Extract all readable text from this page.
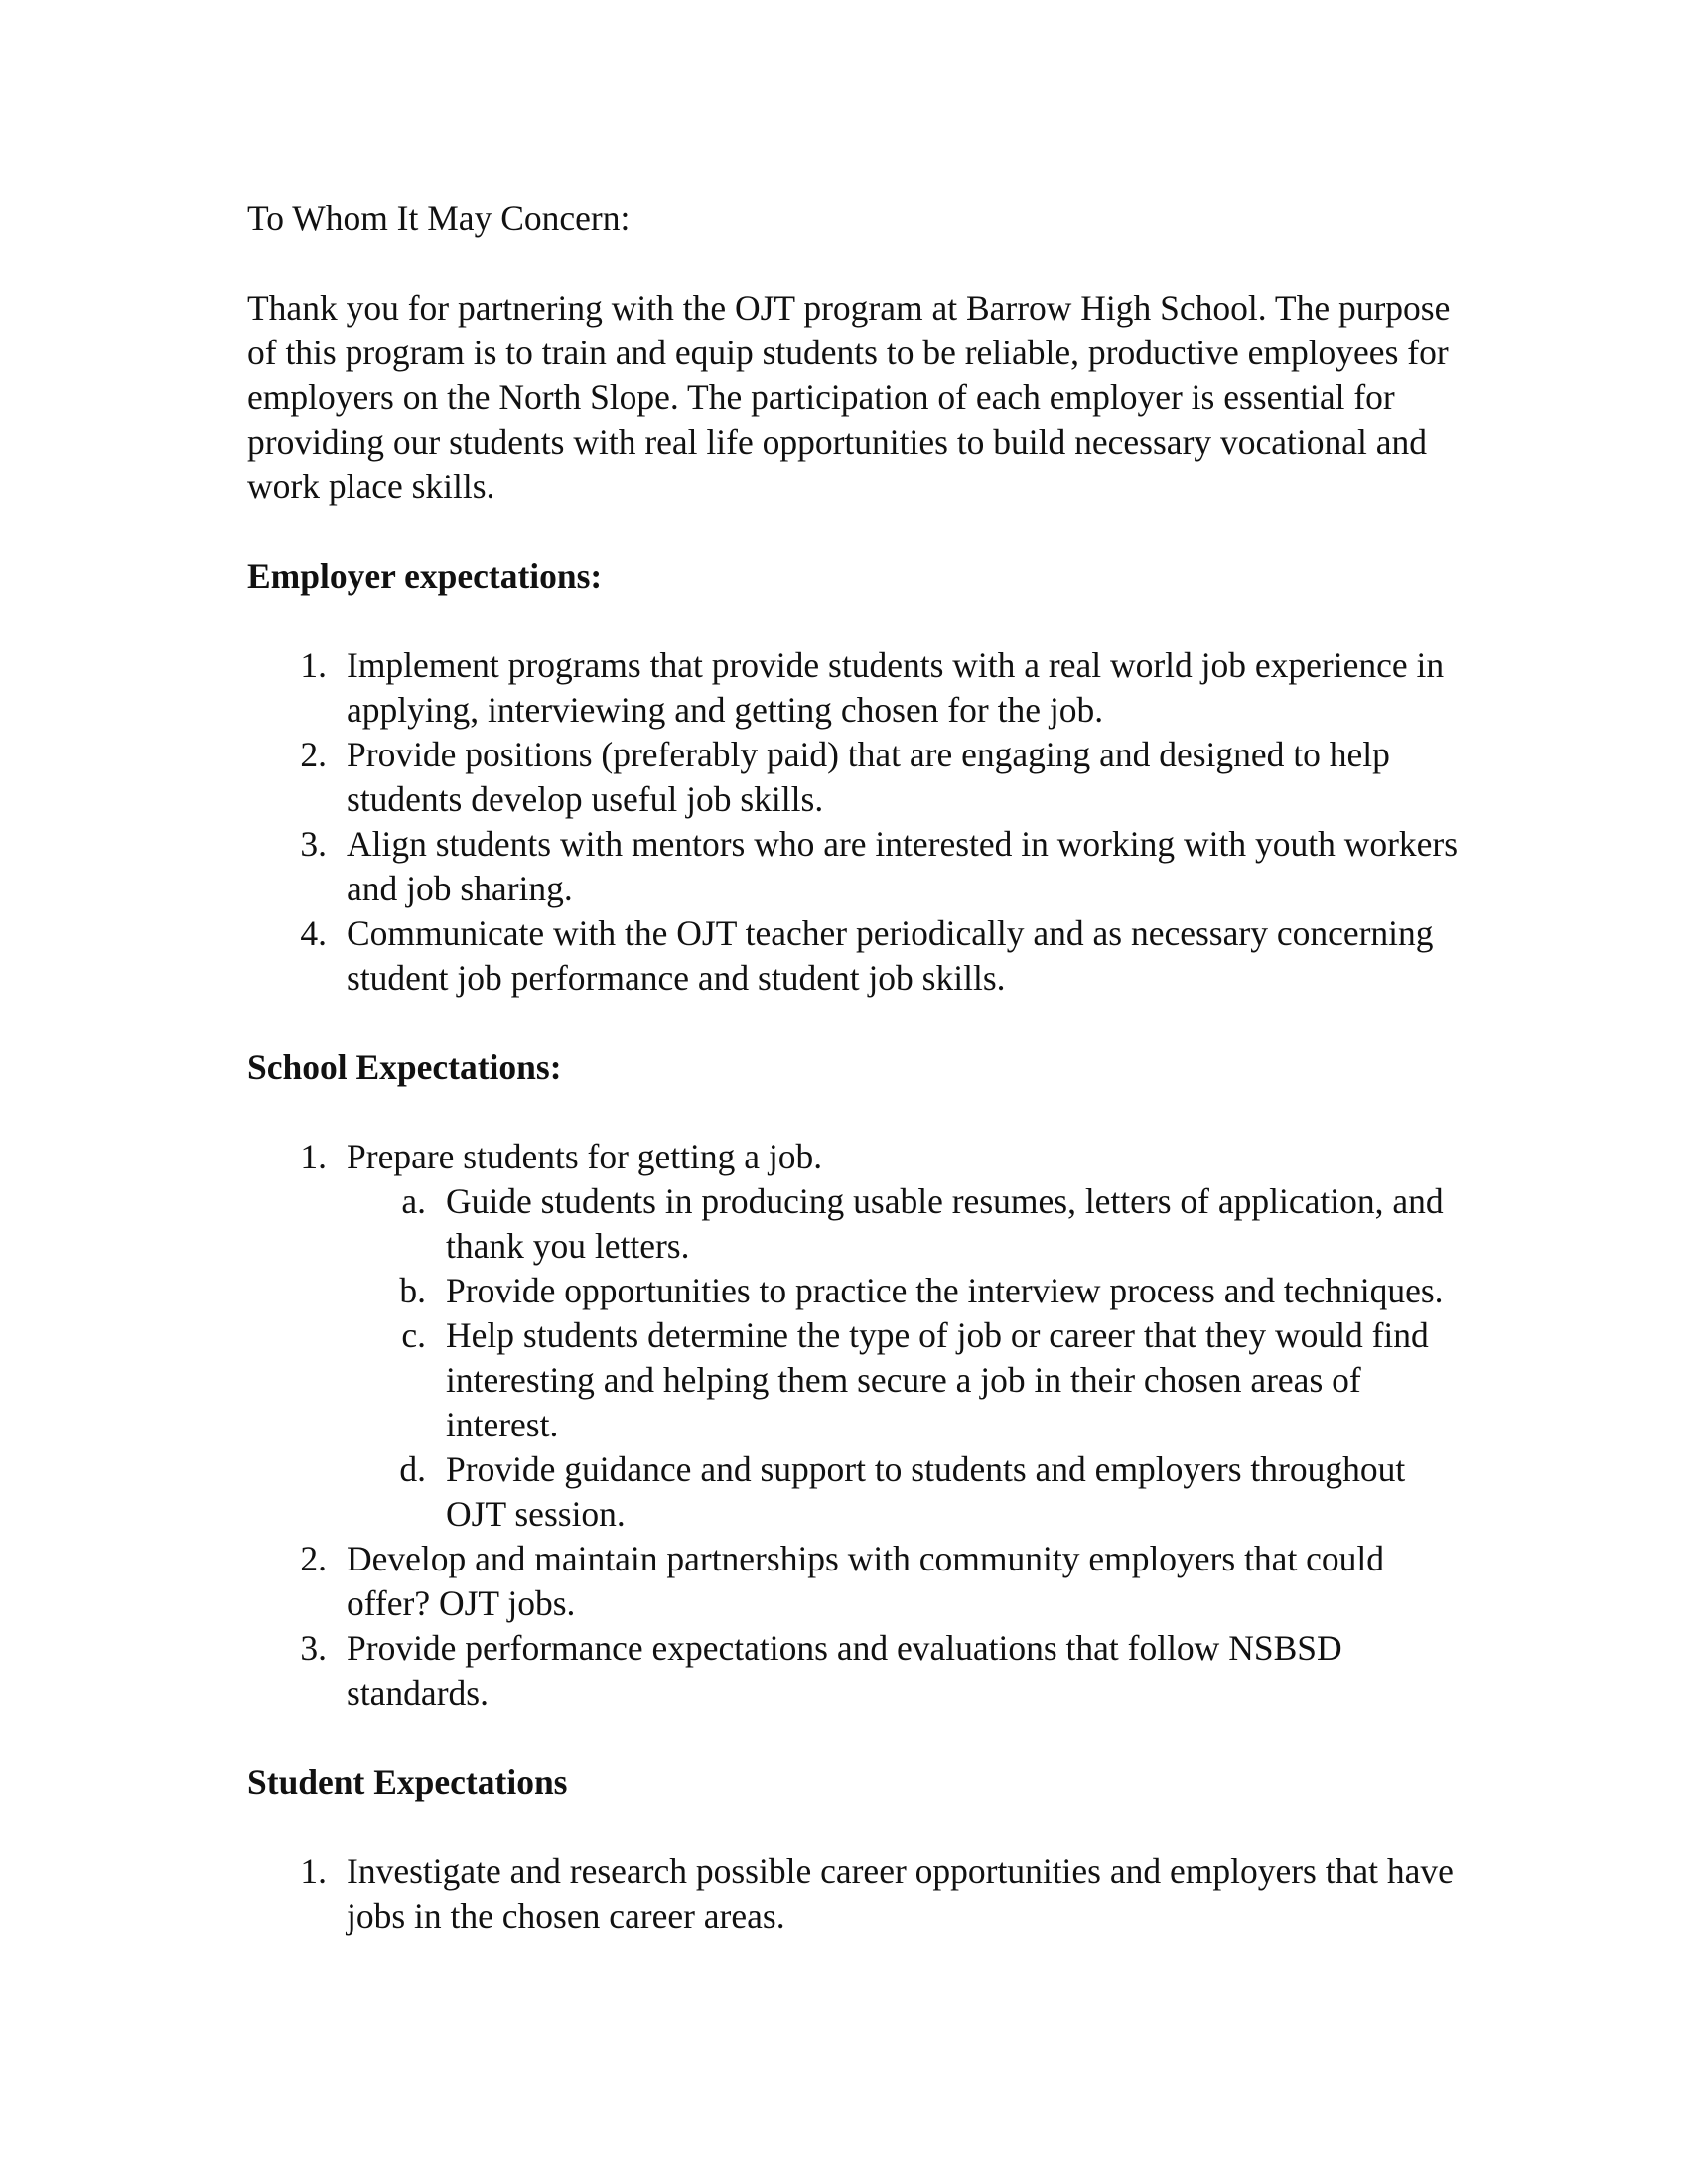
To Whom It May Concern:

Thank you for partnering with the OJT program at Barrow High School. The purpose of this program is to train and equip students to be reliable, productive employees for employers on the North Slope. The participation of each employer is essential for providing our students with real life opportunities to build necessary vocational and work place skills.

Employer expectations:

1. Implement programs that provide students with a real world job experience in applying, interviewing and getting chosen for the job.
2. Provide positions (preferably paid) that are engaging and designed to help students develop useful job skills.
3. Align students with mentors who are interested in working with youth workers and job sharing.
4. Communicate with the OJT teacher periodically and as necessary concerning student job performance and student job skills.

School Expectations:

1. Prepare students for getting a job.
a. Guide students in producing usable resumes, letters of application, and thank you letters.
b. Provide opportunities to practice the interview process and techniques.
c. Help students determine the type of job or career that they would find interesting and helping them secure a job in their chosen areas of interest.
d. Provide guidance and support to students and employers throughout OJT session.
2. Develop and maintain partnerships with community employers that could offer? OJT jobs.
3. Provide performance expectations and evaluations that follow NSBSD standards.

Student Expectations

1. Investigate and research possible career opportunities and employers that have jobs in the chosen career areas.
